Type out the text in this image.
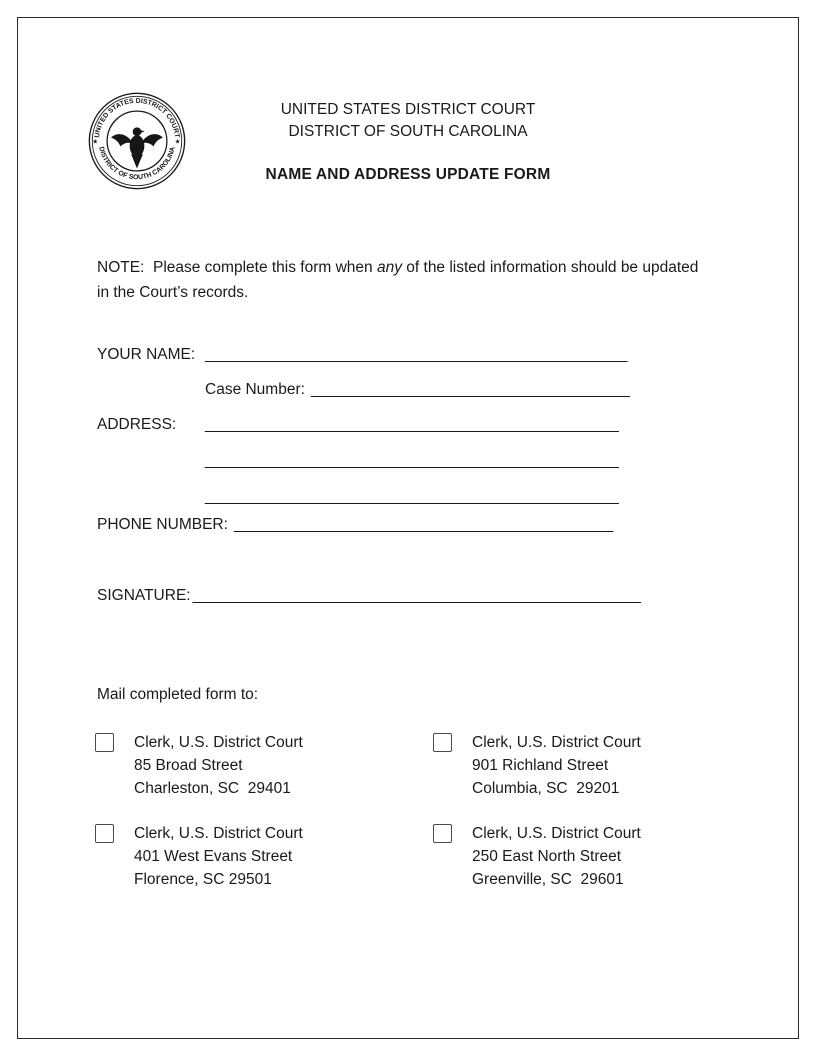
UNITED STATES DISTRICT COURT
DISTRICT OF SOUTH CAROLINA
★	★
UNITED STATES DISTRICT COURT
DISTRICT OF SOUTH CAROLINA
NAME AND ADDRESS UPDATE FORM

NOTE:  Please complete this form when any of the listed information should be updated in the Court’s records.

YOUR NAME: _________________________________________________
Case Number: _____________________________________
ADDRESS:	________________________________________________
________________________________________________
________________________________________________
PHONE NUMBER: ____________________________________________
SIGNATURE: ____________________________________________________
Mail completed form to:
Clerk, U.S. District Court
85 Broad Street
Charleston, SC  29401
Clerk, U.S. District Court
901 Richland Street
Columbia, SC  29201
Clerk, U.S. District Court
401 West Evans Street
Florence, SC 29501
Clerk, U.S. District Court
250 East North Street
Greenville, SC  29601
